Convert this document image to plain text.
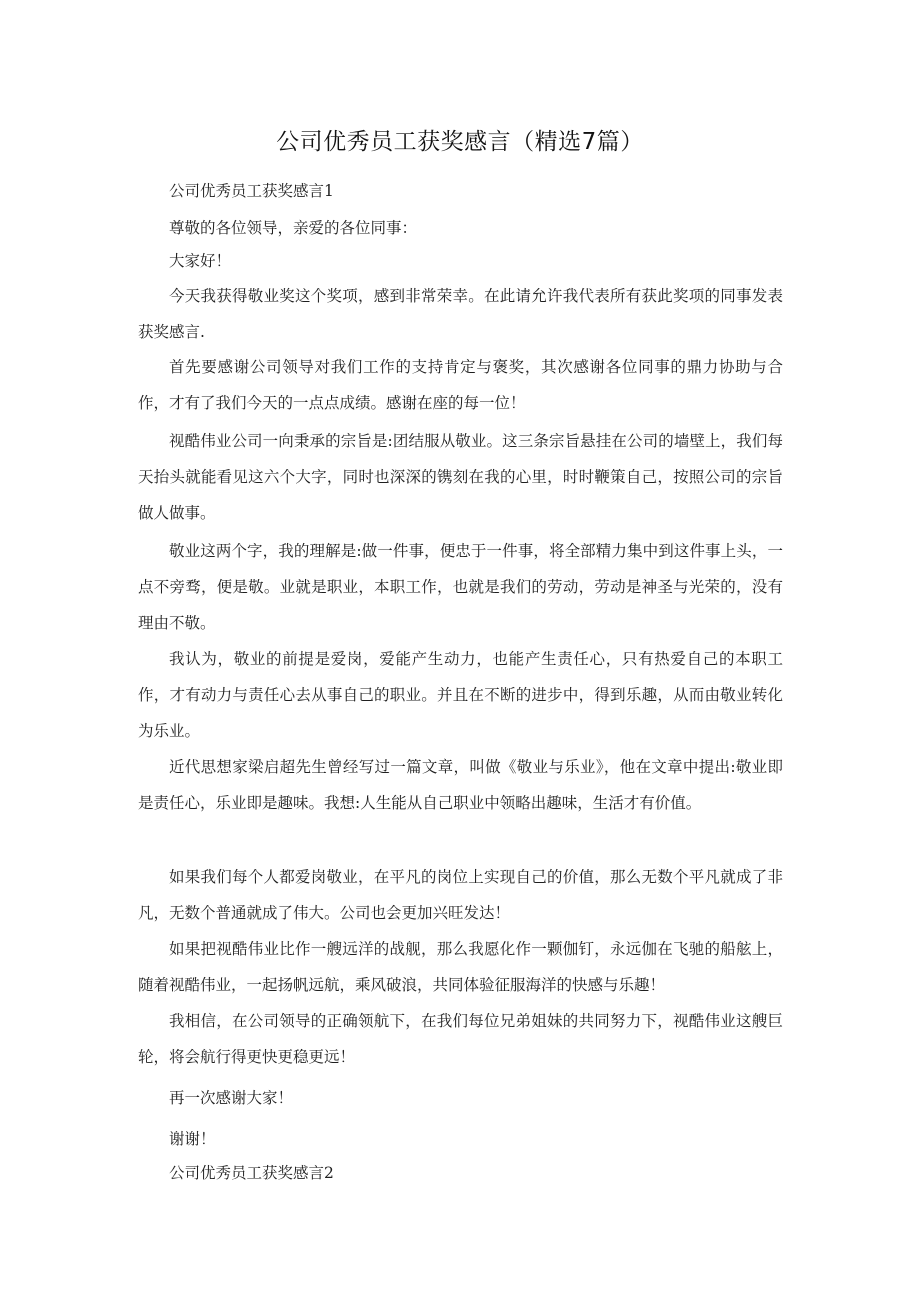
公司优秀员工获奖感言（精选7篇）

公司优秀员工获奖感言1

尊敬的各位领导，亲爱的各位同事：

大家好！

今天我获得敬业奖这个奖项，感到非常荣幸。在此请允许我代表所有获此奖项的同事发表获奖感言.

首先要感谢公司领导对我们工作的支持肯定与褒奖，其次感谢各位同事的鼎力协助与合作，才有了我们今天的一点点成绩。感谢在座的每一位！

视酷伟业公司一向秉承的宗旨是:团结服从敬业。这三条宗旨悬挂在公司的墙壁上，我们每天抬头就能看见这六个大字，同时也深深的镌刻在我的心里，时时鞭策自己，按照公司的宗旨做人做事。

敬业这两个字，我的理解是:做一件事，便忠于一件事，将全部精力集中到这件事上头，一点不旁骛，便是敬。业就是职业，本职工作，也就是我们的劳动，劳动是神圣与光荣的，没有理由不敬。

我认为，敬业的前提是爱岗，爱能产生动力，也能产生责任心，只有热爱自己的本职工作，才有动力与责任心去从事自己的职业。并且在不断的进步中，得到乐趣，从而由敬业转化为乐业。

近代思想家梁启超先生曾经写过一篇文章，叫做《敬业与乐业》，他在文章中提出:敬业即是责任心，乐业即是趣味。我想:人生能从自己职业中领略出趣味，生活才有价值。

如果我们每个人都爱岗敬业，在平凡的岗位上实现自己的价值，那么无数个平凡就成了非凡，无数个普通就成了伟大。公司也会更加兴旺发达！

如果把视酷伟业比作一艘远洋的战舰，那么我愿化作一颗伽钉，永远伽在飞驰的船舷上，随着视酷伟业，一起扬帆远航，乘风破浪，共同体验征服海洋的快感与乐趣！

我相信，在公司领导的正确领航下，在我们每位兄弟姐妹的共同努力下，视酷伟业这艘巨轮，将会航行得更快更稳更远！

再一次感谢大家！

谢谢！

公司优秀员工获奖感言2
